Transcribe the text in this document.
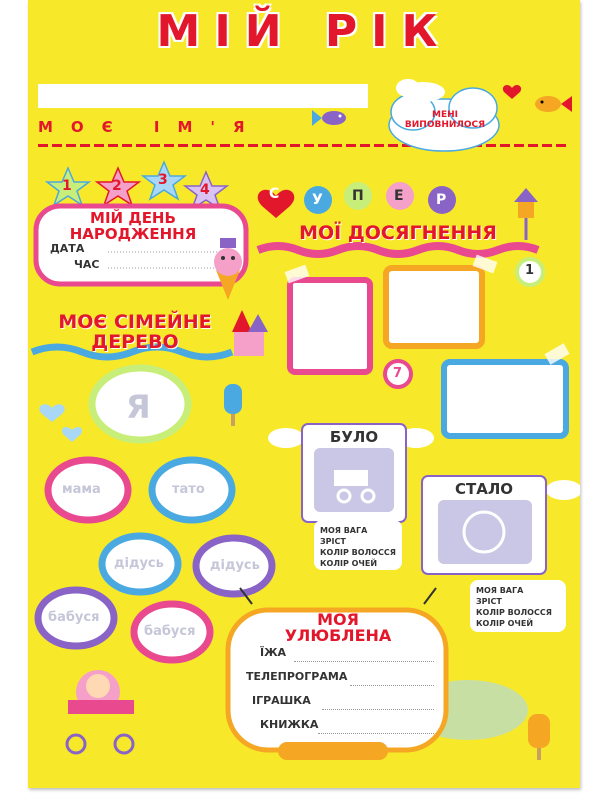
МІЙ РІК
МОЄ ІМ'Я
МЕНІ ВИПОВНИЛОСЯ
1	2	3
4
МІЙ ДЕНЬ НАРОДЖЕННЯ
ДАТА
ЧАС
С У П Е Р
МОЇ ДОСЯГНЕННЯ
1
7
МОЄ СІМЕЙНЕ ДЕРЕВО
Я
мама	тато
дідусь	дідусь
бабуся
бабуся
БУЛО
МОЯ ВАГА
ЗРІСТ
КОЛІР ВОЛОССЯ
КОЛІР ОЧЕЙ
СТАЛО
МОЯ ВАГА
ЗРІСТ
КОЛІР ВОЛОССЯ
КОЛІР ОЧЕЙ
МОЯ
УЛЮБЛЕНА
ЇЖА
ТЕЛЕПРОГРАМА
ІГРАШКА
КНИЖКА
